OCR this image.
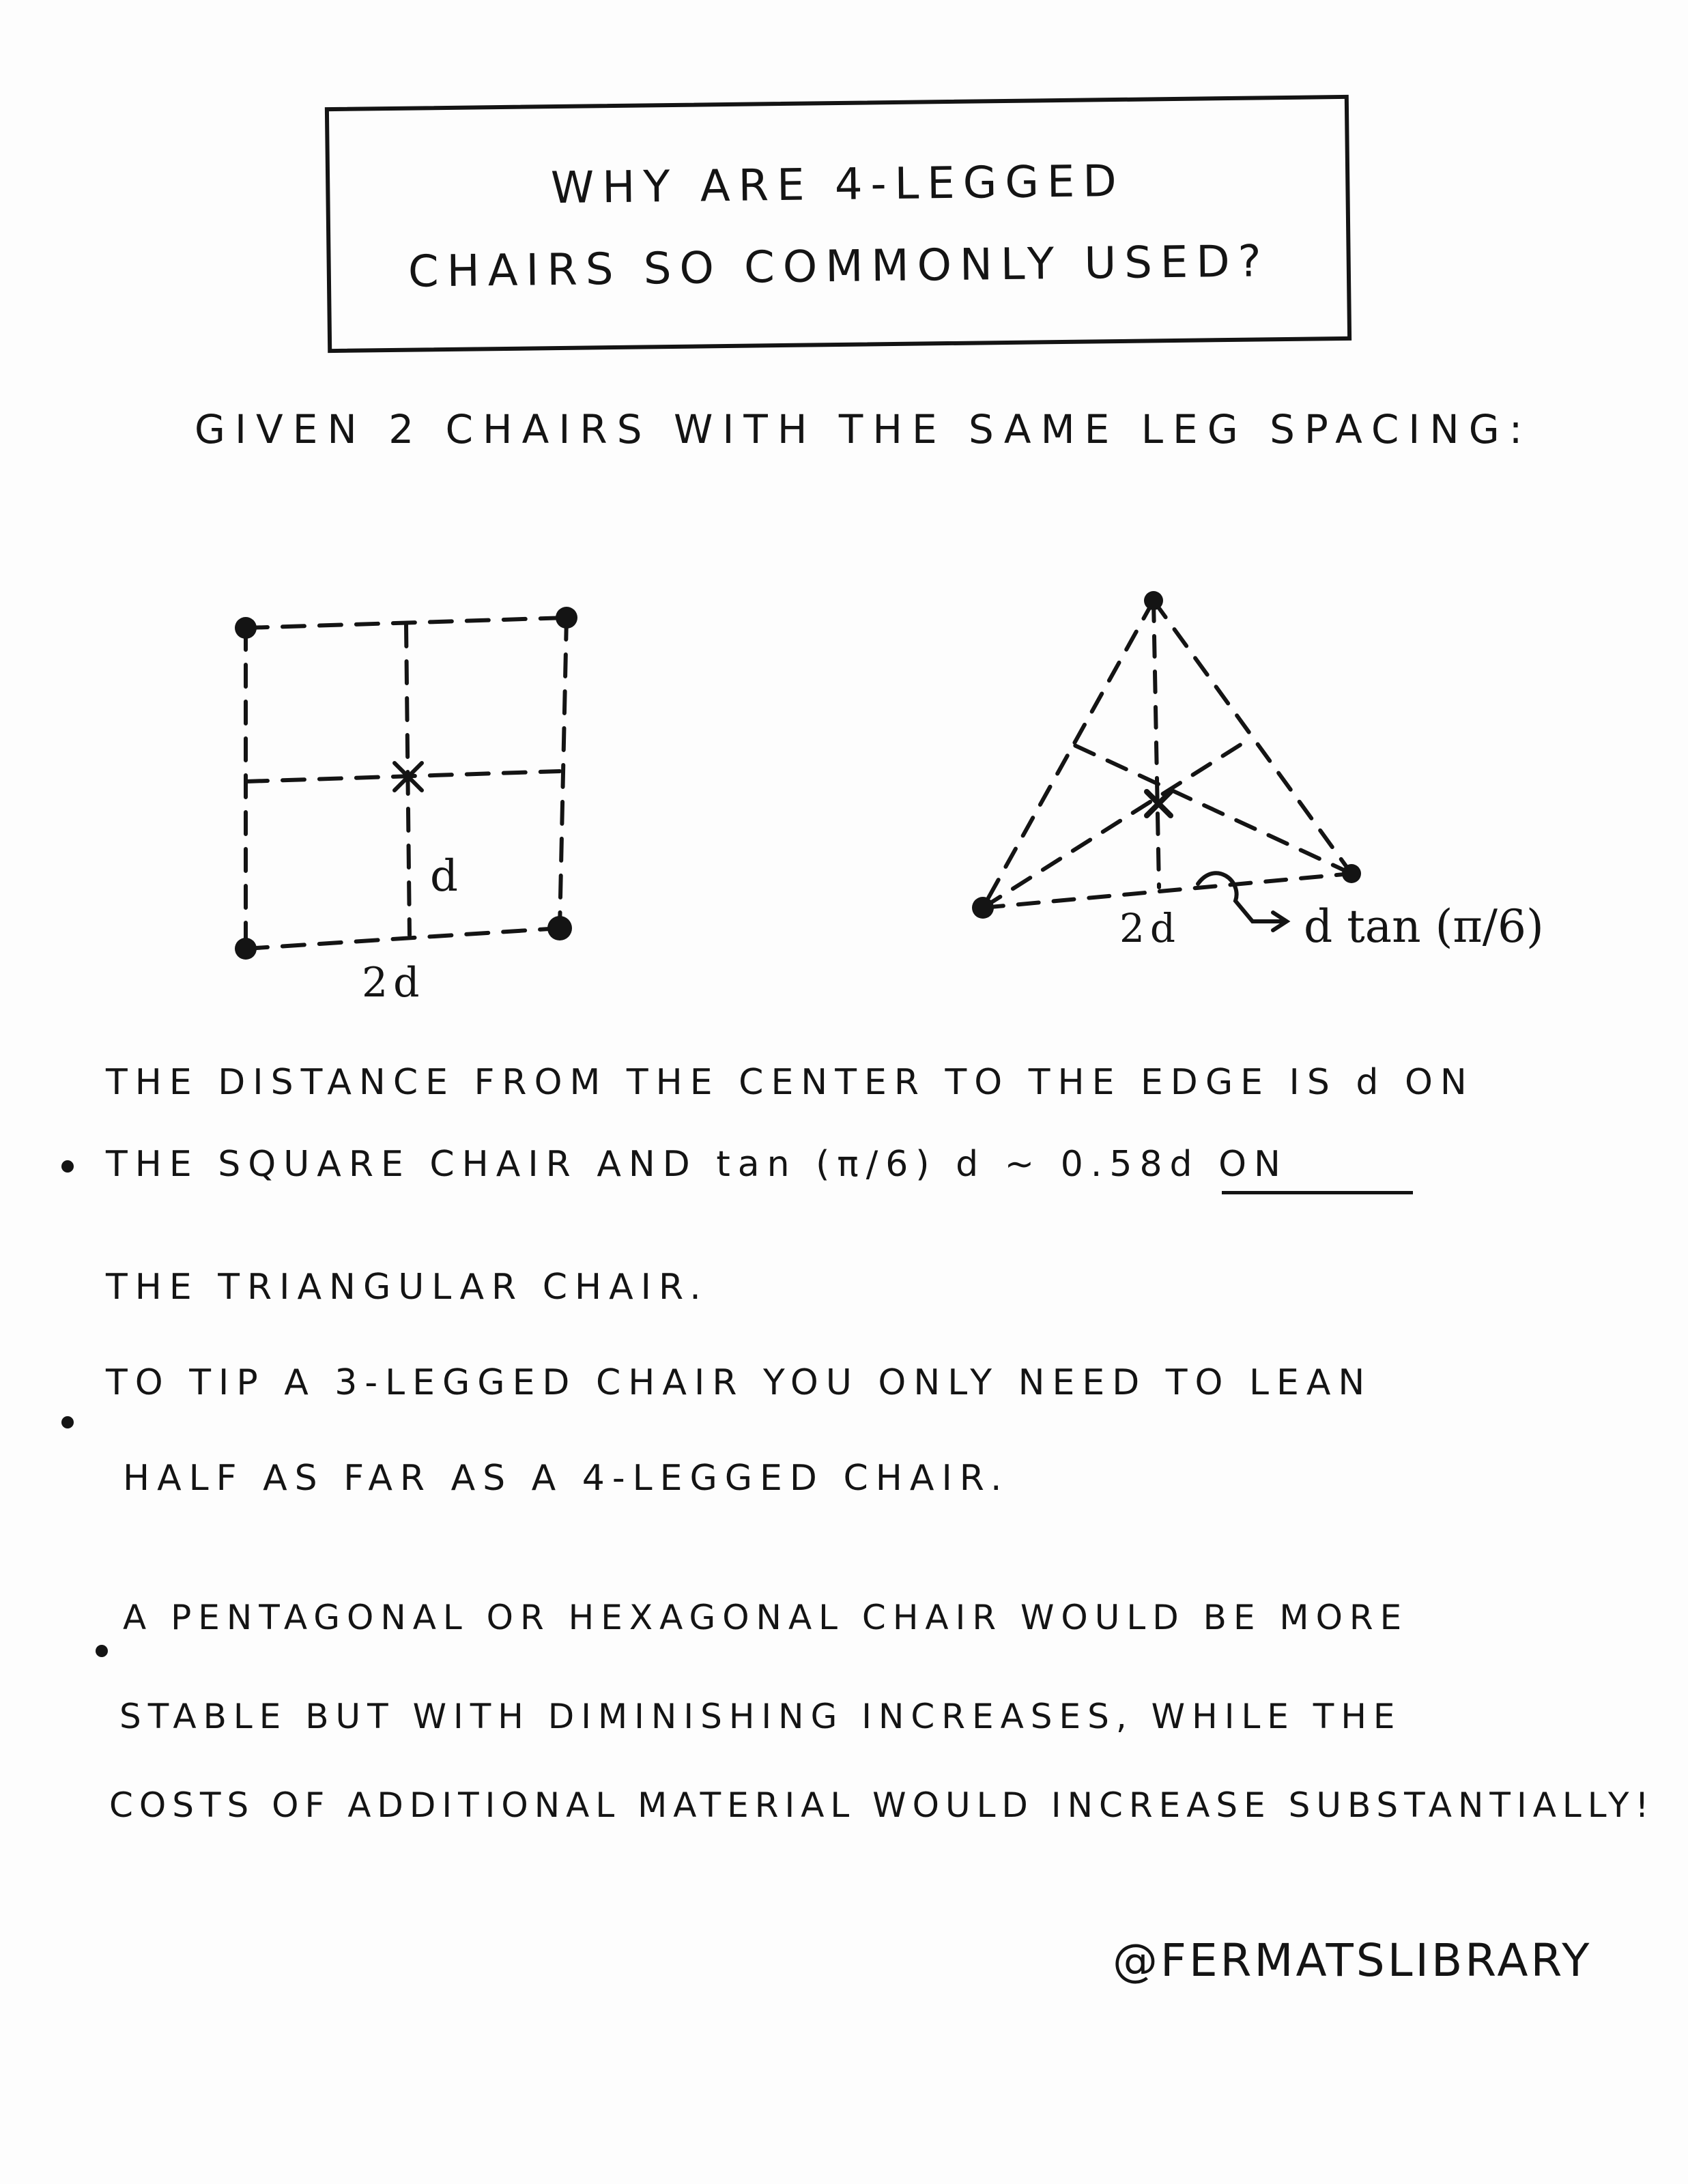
WHY ARE 4-LEGGED
CHAIRS SO COMMONLY USED?
GIVEN 2 CHAIRS WITH THE SAME LEG SPACING:
d
2d
2d	d tan (π/6)
THE DISTANCE FROM THE CENTER TO THE EDGE IS d ON
THE SQUARE CHAIR AND tan (π/6) d ~ 0.58d ON
THE TRIANGULAR CHAIR.
TO TIP A 3-LEGGED CHAIR YOU ONLY NEED TO LEAN
HALF AS FAR AS A 4-LEGGED CHAIR.
A PENTAGONAL OR HEXAGONAL CHAIR WOULD BE MORE
STABLE BUT WITH DIMINISHING INCREASES, WHILE THE
COSTS OF ADDITIONAL MATERIAL WOULD INCREASE SUBSTANTIALLY!
@FERMATSLIBRARY
